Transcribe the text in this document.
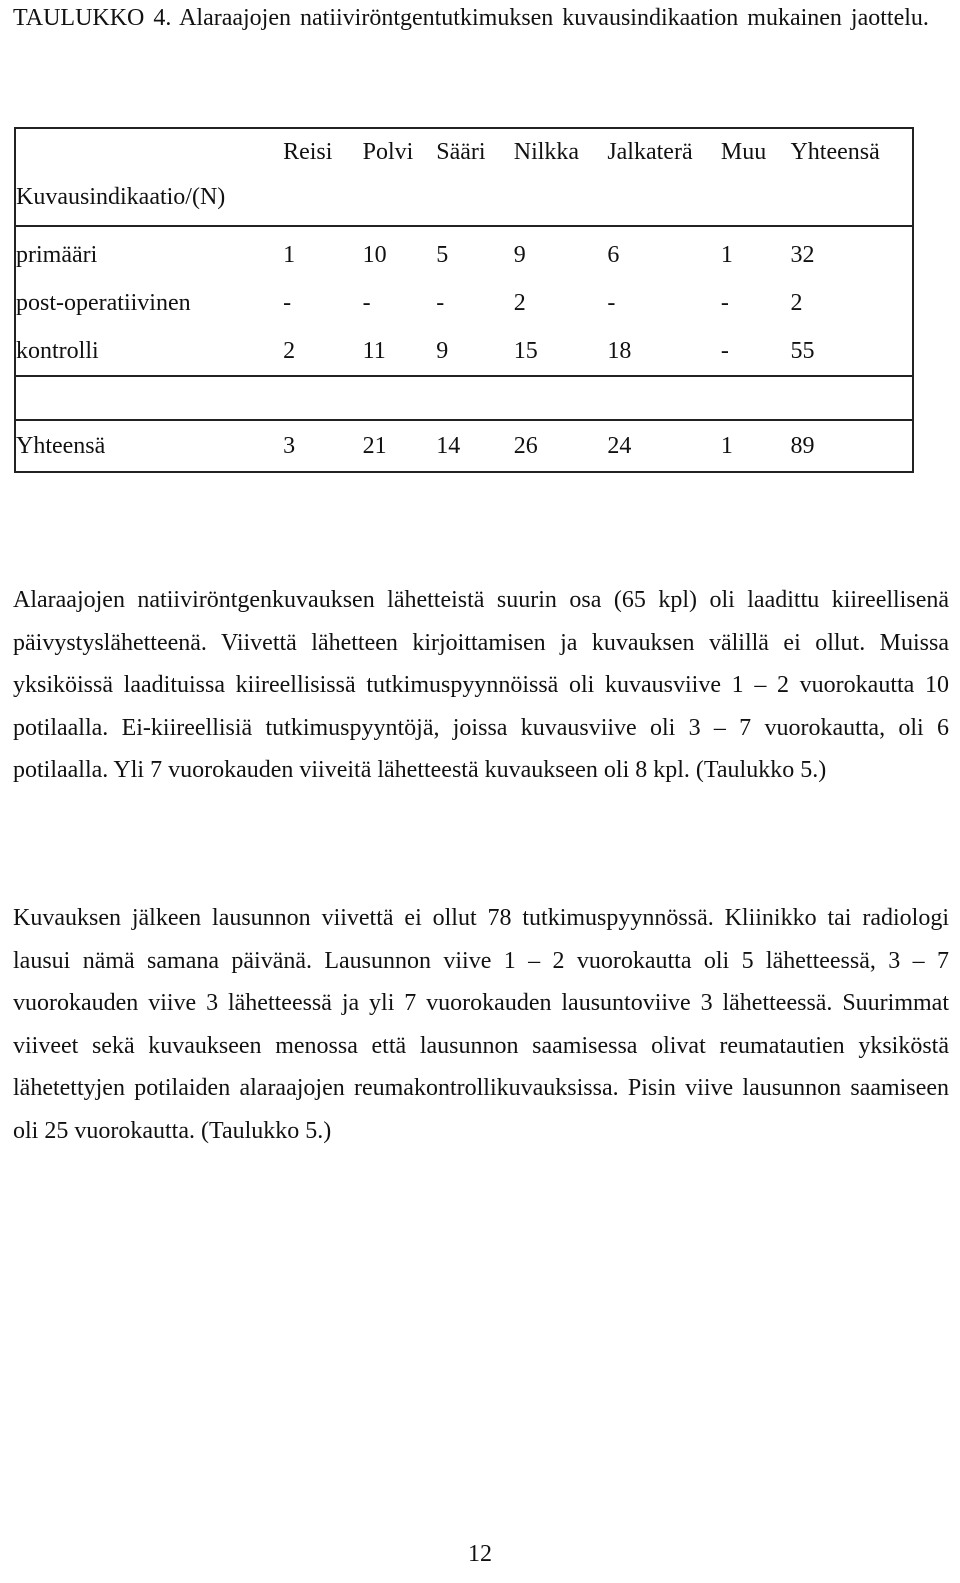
TAULUKKO 4. Alaraajojen natiiviröntgentutkimuksen kuvausindikaation mukainen jaottelu.

Kuvausindikaatio/(N)	Reisi	Polvi	Sääri	Nilkka	Jalkaterä	Muu	Yhteensä
primääri	1	10	5	9	6	1	32
post-operatiivinen	-	-	-	2	-	-	2
kontrolli	2	11	9	15	18	-	55

Yhteensä	3	21	14	26	24	1	89

Alaraajojen natiiviröntgenkuvauksen lähetteistä suurin osa (65 kpl) oli laadittu kiireellisenä päivystyslähetteenä. Viivettä lähetteen kirjoittamisen ja kuvauksen välillä ei ollut. Muissa yksiköissä laadituissa kiireellisissä tutkimuspyynnöissä oli kuvausviive 1 – 2 vuorokautta 10 potilaalla. Ei-kiireellisiä tutkimuspyyntöjä, joissa kuvausviive oli 3 – 7 vuorokautta, oli 6 potilaalla. Yli 7 vuorokauden viiveitä lähetteestä kuvaukseen oli 8 kpl. (Taulukko 5.)

Kuvauksen jälkeen lausunnon viivettä ei ollut 78 tutkimuspyynnössä. Kliinikko tai radiologi lausui nämä samana päivänä. Lausunnon viive 1 – 2 vuorokautta oli 5 lähetteessä, 3 – 7 vuorokauden viive 3 lähetteessä ja yli 7 vuorokauden lausuntoviive 3 lähetteessä. Suurimmat viiveet sekä kuvaukseen menossa että lausunnon saamisessa olivat reumatautien yksiköstä lähetettyjen potilaiden alaraajojen reumakontrollikuvauksissa. Pisin viive lausunnon saamiseen oli 25 vuorokautta. (Taulukko 5.)

12
